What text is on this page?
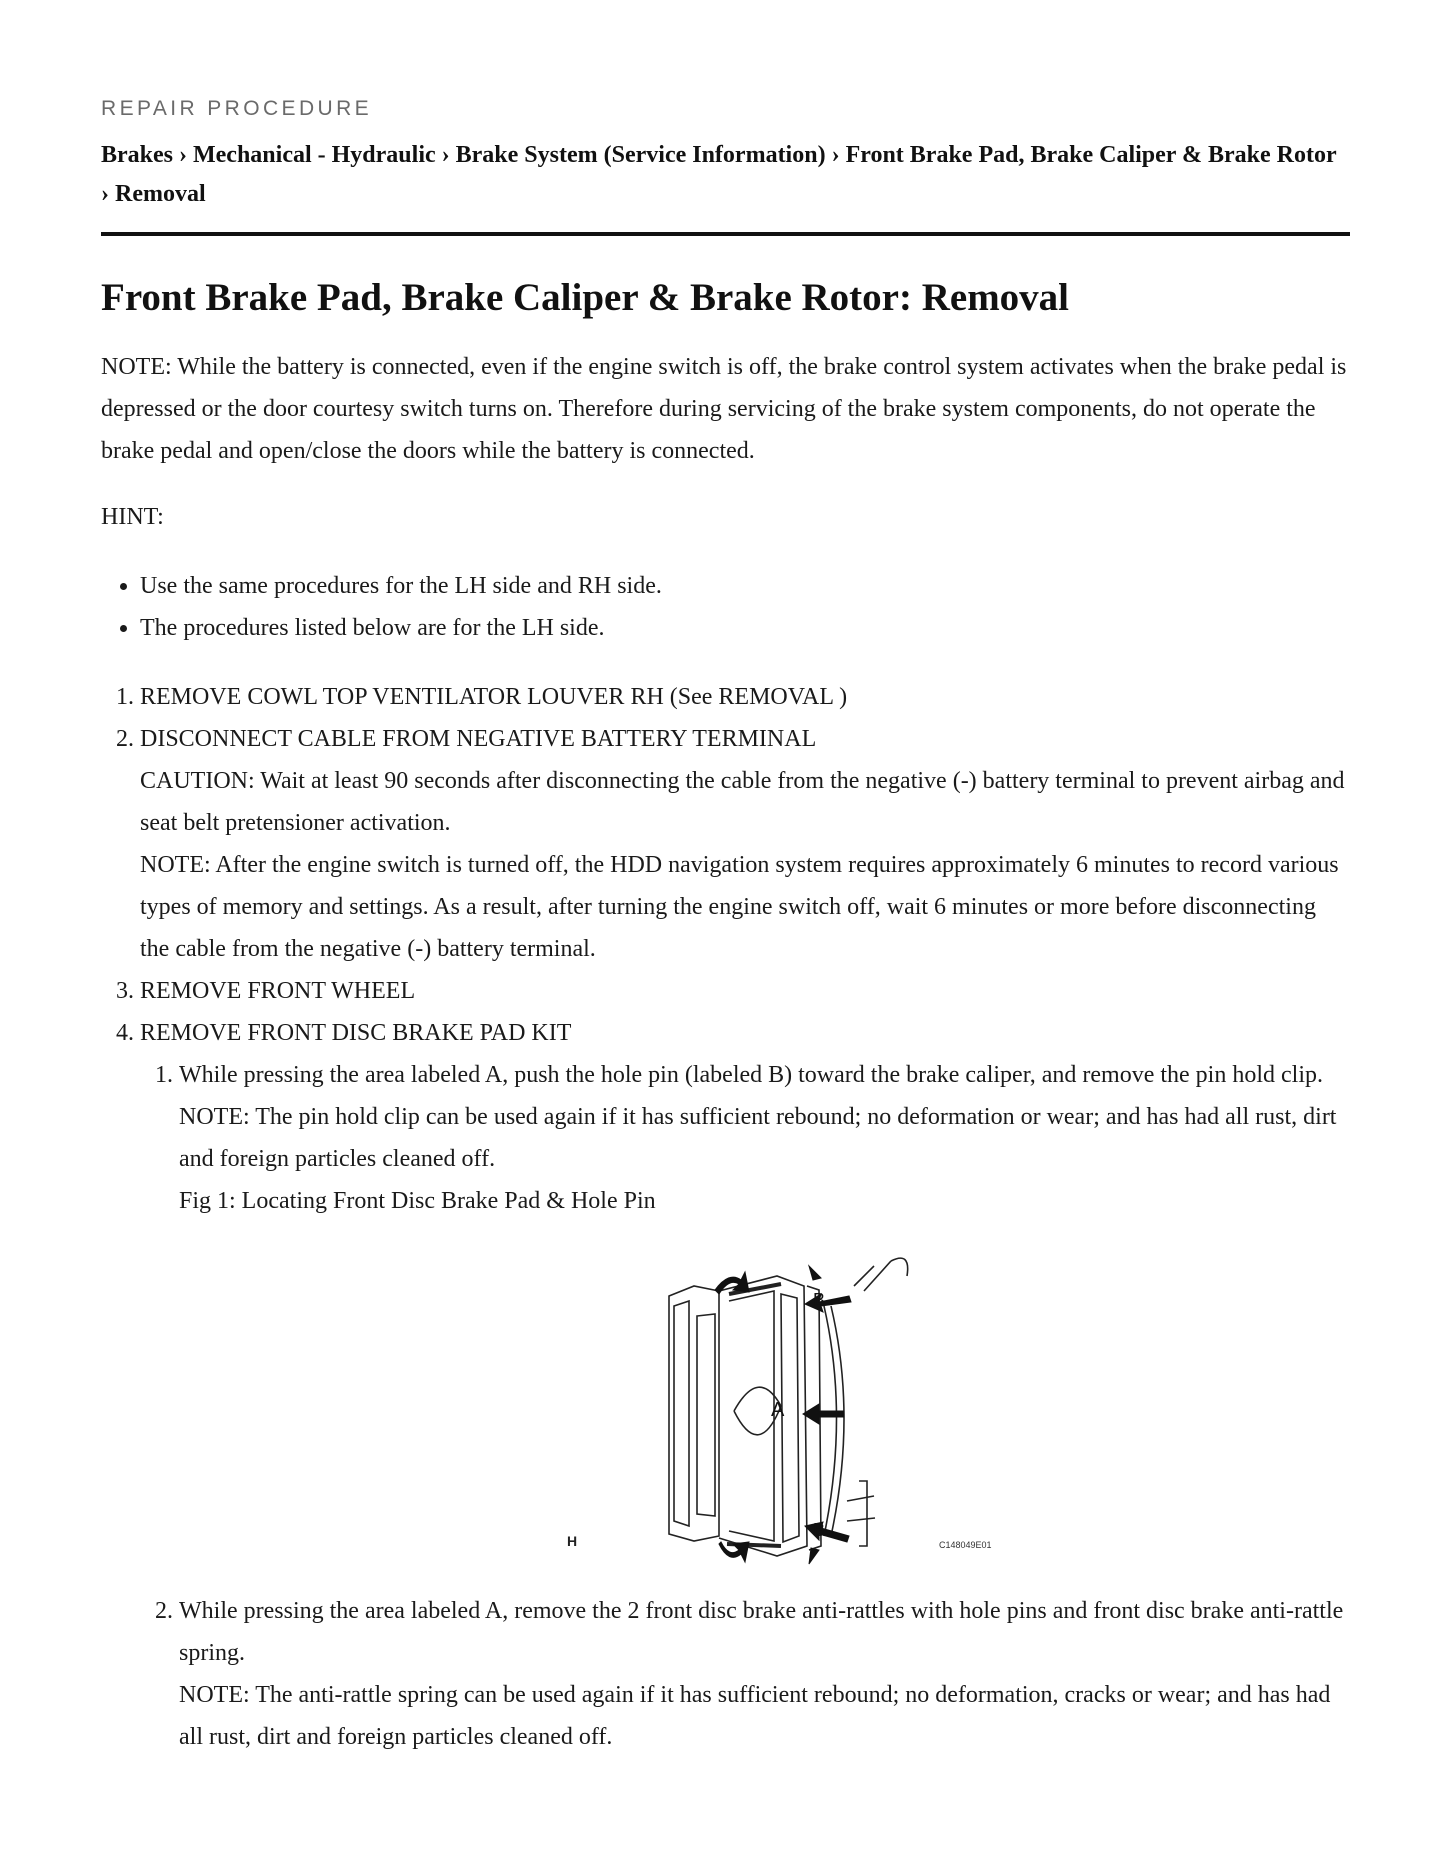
REPAIR PROCEDURE

Brakes › Mechanical - Hydraulic › Brake System (Service Information) › Front Brake Pad, Brake Caliper & Brake Rotor › Removal
Front Brake Pad, Brake Caliper & Brake Rotor: Removal

NOTE: While the battery is connected, even if the engine switch is off, the brake control system activates when the brake pedal is depressed or the door courtesy switch turns on. Therefore during servicing of the brake system components, do not operate the brake pedal and open/close the doors while the battery is connected.

HINT:

• Use the same procedures for the LH side and RH side.
• The procedures listed below are for the LH side.
1. REMOVE COWL TOP VENTILATOR LOUVER RH (See REMOVAL )
2. DISCONNECT CABLE FROM NEGATIVE BATTERY TERMINAL
CAUTION: Wait at least 90 seconds after disconnecting the cable from the negative (-) battery terminal to prevent airbag and seat belt pretensioner activation.
NOTE: After the engine switch is turned off, the HDD navigation system requires approximately 6 minutes to record various types of memory and settings. As a result, after turning the engine switch off, wait 6 minutes or more before disconnecting the cable from the negative (-) battery terminal.
3. REMOVE FRONT WHEEL
4. REMOVE FRONT DISC BRAKE PAD KIT
1. While pressing the area labeled A, push the hole pin (labeled B) toward the brake caliper, and remove the pin hold clip.
NOTE: The pin hold clip can be used again if it has sufficient rebound; no deformation or wear; and has had all rust, dirt and foreign particles cleaned off.
Fig 1: Locating Front Disc Brake Pad & Hole Pin
A
B
B
H	C148049E01
2. While pressing the area labeled A, remove the 2 front disc brake anti-rattles with hole pins and front disc brake anti-rattle spring.
NOTE: The anti-rattle spring can be used again if it has sufficient rebound; no deformation, cracks or wear; and has had all rust, dirt and foreign particles cleaned off.
